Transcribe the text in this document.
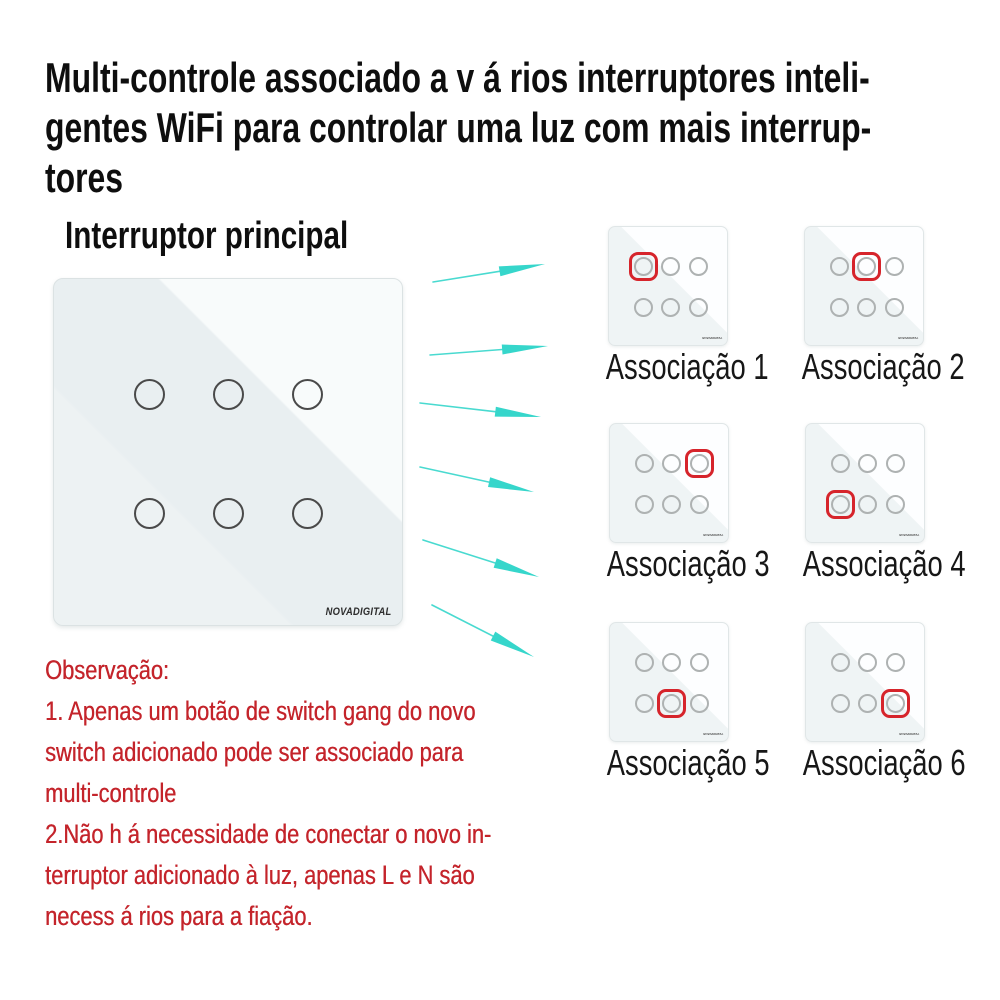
Multi-controle associado a v á rios interruptores inteli-
gentes WiFi para controlar uma luz com mais interrup-
tores
Interruptor principal
NOVADIGITAL
NOVADIGITAL
Associação 1
NOVADIGITAL
Associação 2
NOVADIGITAL
Associação 3
NOVADIGITAL
Associação 4
NOVADIGITAL
Associação 5
NOVADIGITAL
Associação 6
Observação:
1. Apenas um botão de switch gang do novo
switch adicionado pode ser associado para
multi-controle
2.Não h á necessidade de conectar o novo in-
terruptor adicionado à luz, apenas L e N são
necess á rios para a fiação.
